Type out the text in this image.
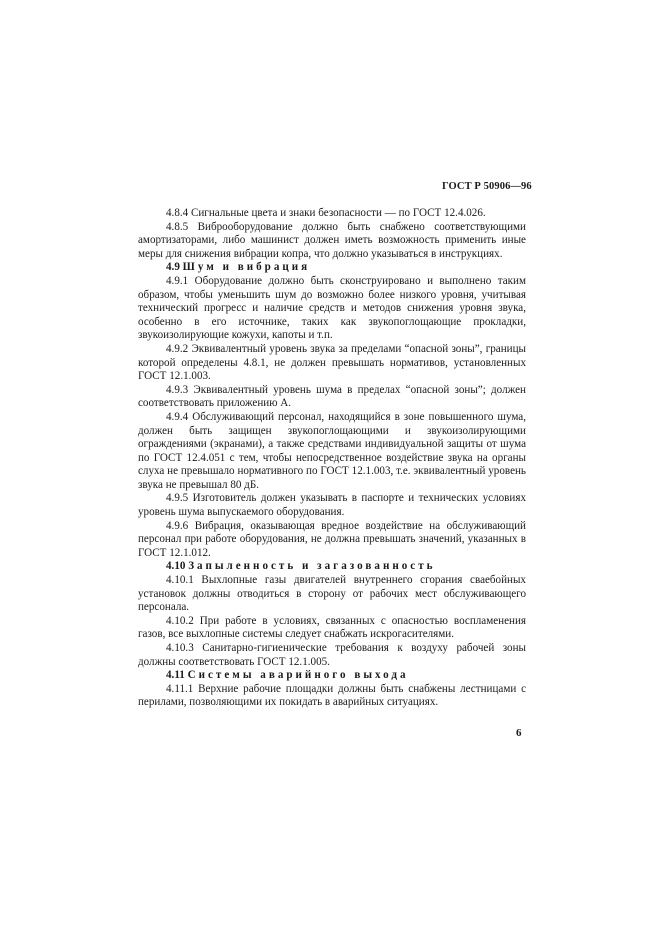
ГОСТ Р 50906—96

4.8.4 Сигнальные цвета и знаки безопасности — по ГОСТ 12.4.026.

4.8.5 Виброоборудование должно быть снабжено соответствующими амортизаторами, либо машинист должен иметь возможность применить иные меры для снижения вибрации копра, что должно указываться в инструкциях.

4.9 Шум и вибрация

4.9.1 Оборудование должно быть сконструировано и выполнено таким образом, чтобы уменьшить шум до возможно более низкого уровня, учитывая технический прогресс и наличие средств и методов снижения уровня звука, особенно в его источнике, таких как звукопоглощающие прокладки, звукоизолирующие кожухи, капоты и т.п.

4.9.2 Эквивалентный уровень звука за пределами “опасной зоны”, границы которой определены 4.8.1, не должен превышать нормативов, установленных ГОСТ 12.1.003.

4.9.3 Эквивалентный уровень шума в пределах “опасной зоны”; должен соответствовать приложению А.

4.9.4 Обслуживающий персонал, находящийся в зоне повышенного шума, должен быть защищен звукопоглощающими и звукоизолирующими ограждениями (экранами), а также средствами индивидуальной защиты от шума по ГОСТ 12.4.051 с тем, чтобы непосредственное воздействие звука на органы слуха не превышало нормативного по ГОСТ 12.1.003, т.е. эквивалентный уровень звука не превышал 80 дБ.

4.9.5 Изготовитель должен указывать в паспорте и технических условиях уровень шума выпускаемого оборудования.

4.9.6 Вибрация, оказывающая вредное воздействие на обслуживающий персонал при работе оборудования, не должна превышать значений, указанных в ГОСТ 12.1.012.

4.10 Запыленность и загазованность

4.10.1 Выхлопные газы двигателей внутреннего сгорания сваебойных установок должны отводиться в сторону от рабочих мест обслуживающего персонала.

4.10.2 При работе в условиях, связанных с опасностью воспламенения газов, все выхлопные системы следует снабжать искрогасителями.

4.10.3 Санитарно-гигиенические требования к воздуху рабочей зоны должны соответствовать ГОСТ 12.1.005.

4.11 Системы аварийного выхода

4.11.1 Верхние рабочие площадки должны быть снабжены лестницами с перилами, позволяющими их покидать в аварийных ситуациях.

6
